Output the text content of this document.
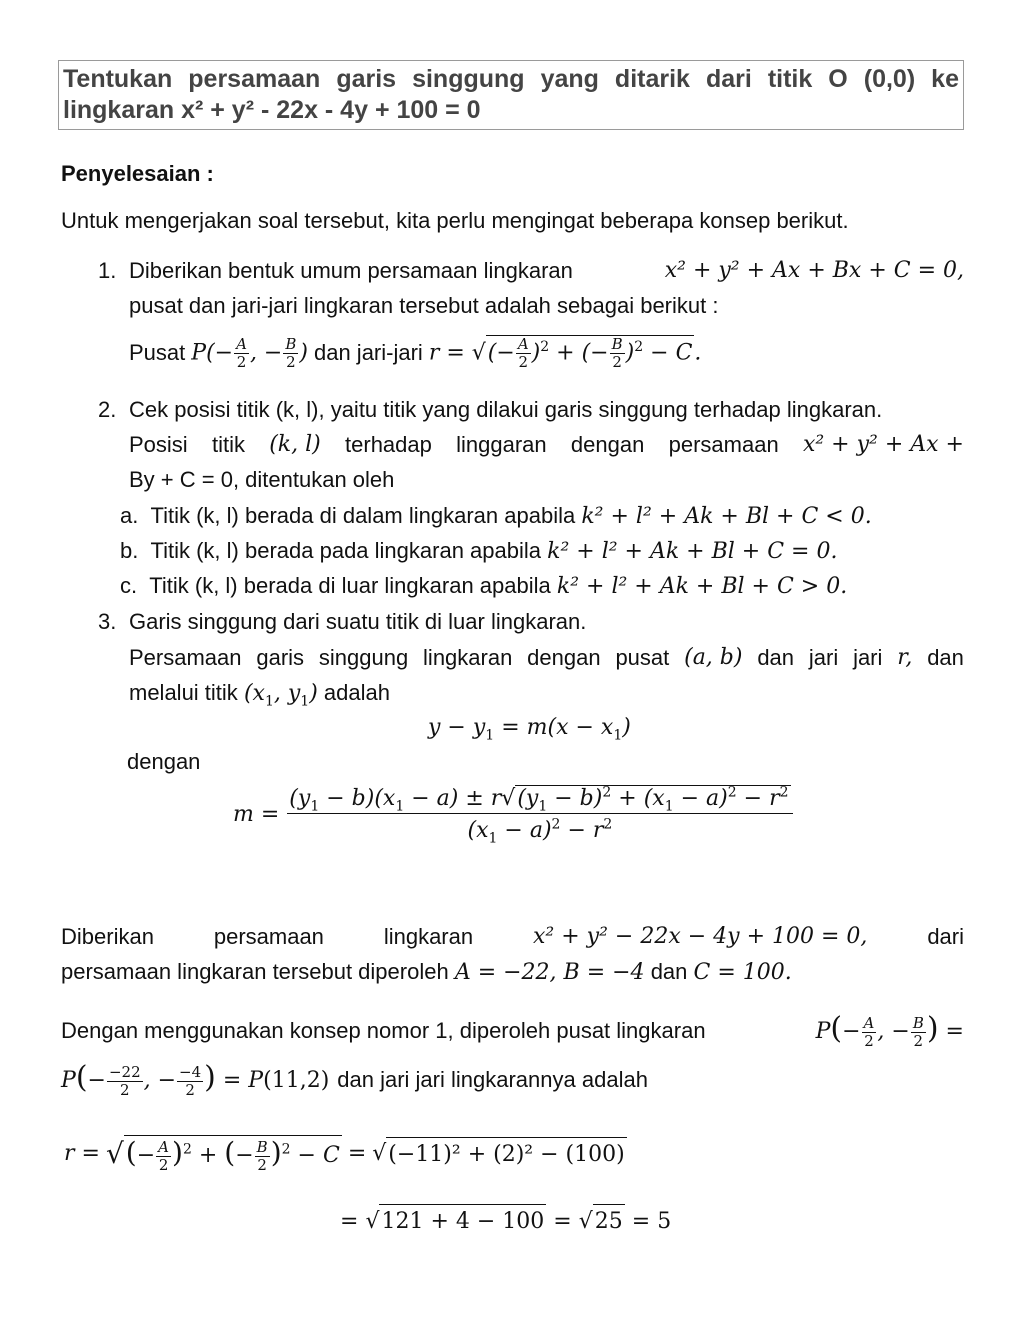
Tentukan persamaan garis singgung yang ditarik dari titik O (0,0) ke
lingkaran x² + y² - 22x - 4y + 100 = 0
Penyelesaian :
Untuk mengerjakan soal tersebut, kita perlu mengingat beberapa konsep berikut.
1. Diberikan bentuk umum persamaan lingkaran	x² + y² + Ax + Bx + C = 0,
pusat dan jari-jari lingkaran tersebut adalah sebagai berikut :
Pusat $P(- \frac{A}{2}$ , − $\frac{B}{2}$ ) dan jari-jari r = √(− $\frac{A}{2} )^2$ + (− $\frac{B}{2} )^2 - C$.
2. Cek posisi titik (k, l), yaitu titik yang dilakui garis singgung terhadap lingkaran.
Posisi titik (k, l) terhadap linggaran dengan persamaan x² + y² + Ax +
By + C = 0, ditentukan oleh
a. Titik (k, l) berada di dalam lingkaran apabila k² + l² + Ak + Bl + C < 0.
b. Titik (k, l) berada pada lingkaran apabila k² + l² + Ak + Bl + C = 0.
c. Titik (k, l) berada di luar lingkaran apabila k² + l² + Ak + Bl + C > 0.
3. Garis singgung dari suatu titik di luar lingkaran.
Persamaan garis singgung lingkaran dengan pusat (a, b) dan jari jari r, dan
melalui titik ($x_1$, $y_1$) adalah
$y - y_1 = m(x - x_1)$
dengan
$m = \frac{(y_1 - b)(x_1 - a) \pm r√(y_1 - b)^2 + (x_1 - a)^2 - r^2}{(x_1 - a)^2 - r^2}$
Diberikan	persamaan	lingkaran	x² + y² − 22x − 4y + 100 = 0,	dari
persamaan lingkaran tersebut diperoleh A = −22, B = −4 dan C = 100.
Dengan menggunakan konsep nomor 1, diperoleh pusat lingkaran	$P(- \frac{A}{2}$ , − $\frac{B}{2}$ ) =
$P(- \frac{-22}{2}$ , − $\frac{-4}{2}$ ) = P(11,2) dan jari jari lingkarannya adalah
r = √ (− $\frac{A}{2} )^2$ + (− $\frac{B}{2} )^2 - C$ = √ (−11)² + (2)² − (100)
= √121 + 4 − 100 = √25 = 5
